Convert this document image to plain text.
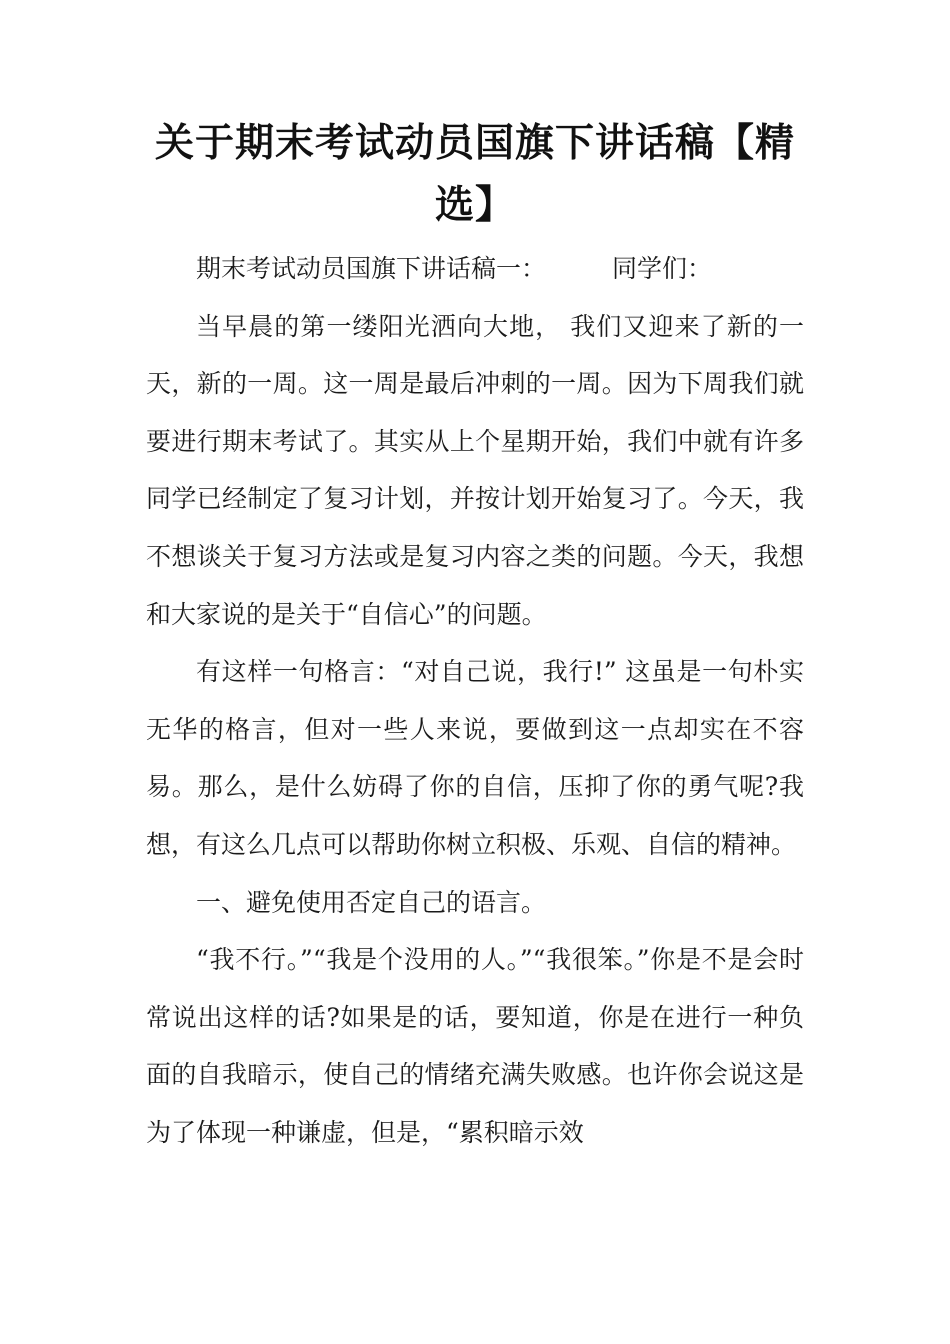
关于期末考试动员国旗下讲话稿【精选】

期末考试动员国旗下讲话稿一：	同学们：

当早晨的第一缕阳光洒向大地， 我们又迎来了新的一天，新的一周。这一周是最后冲刺的一周。因为下周我们就要进行期末考试了。其实从上个星期开始，我们中就有许多同学已经制定了复习计划，并按计划开始复习了。今天，我不想谈关于复习方法或是复习内容之类的问题。今天，我想和大家说的是关于“自信心”的问题。

有这样一句格言：“对自己说，我行!” 这虽是一句朴实无华的格言，但对一些人来说，要做到这一点却实在不容易。那么，是什么妨碍了你的自信，压抑了你的勇气呢?我想，有这么几点可以帮助你树立积极、乐观、自信的精神。

一、避免使用否定自己的语言。

“我不行。”“我是个没用的人。”“我很笨。”你是不是会时常说出这样的话?如果是的话，要知道，你是在进行一种负面的自我暗示，使自己的情绪充满失败感。也许你会说这是为了体现一种谦虚，但是，“累积暗示效
